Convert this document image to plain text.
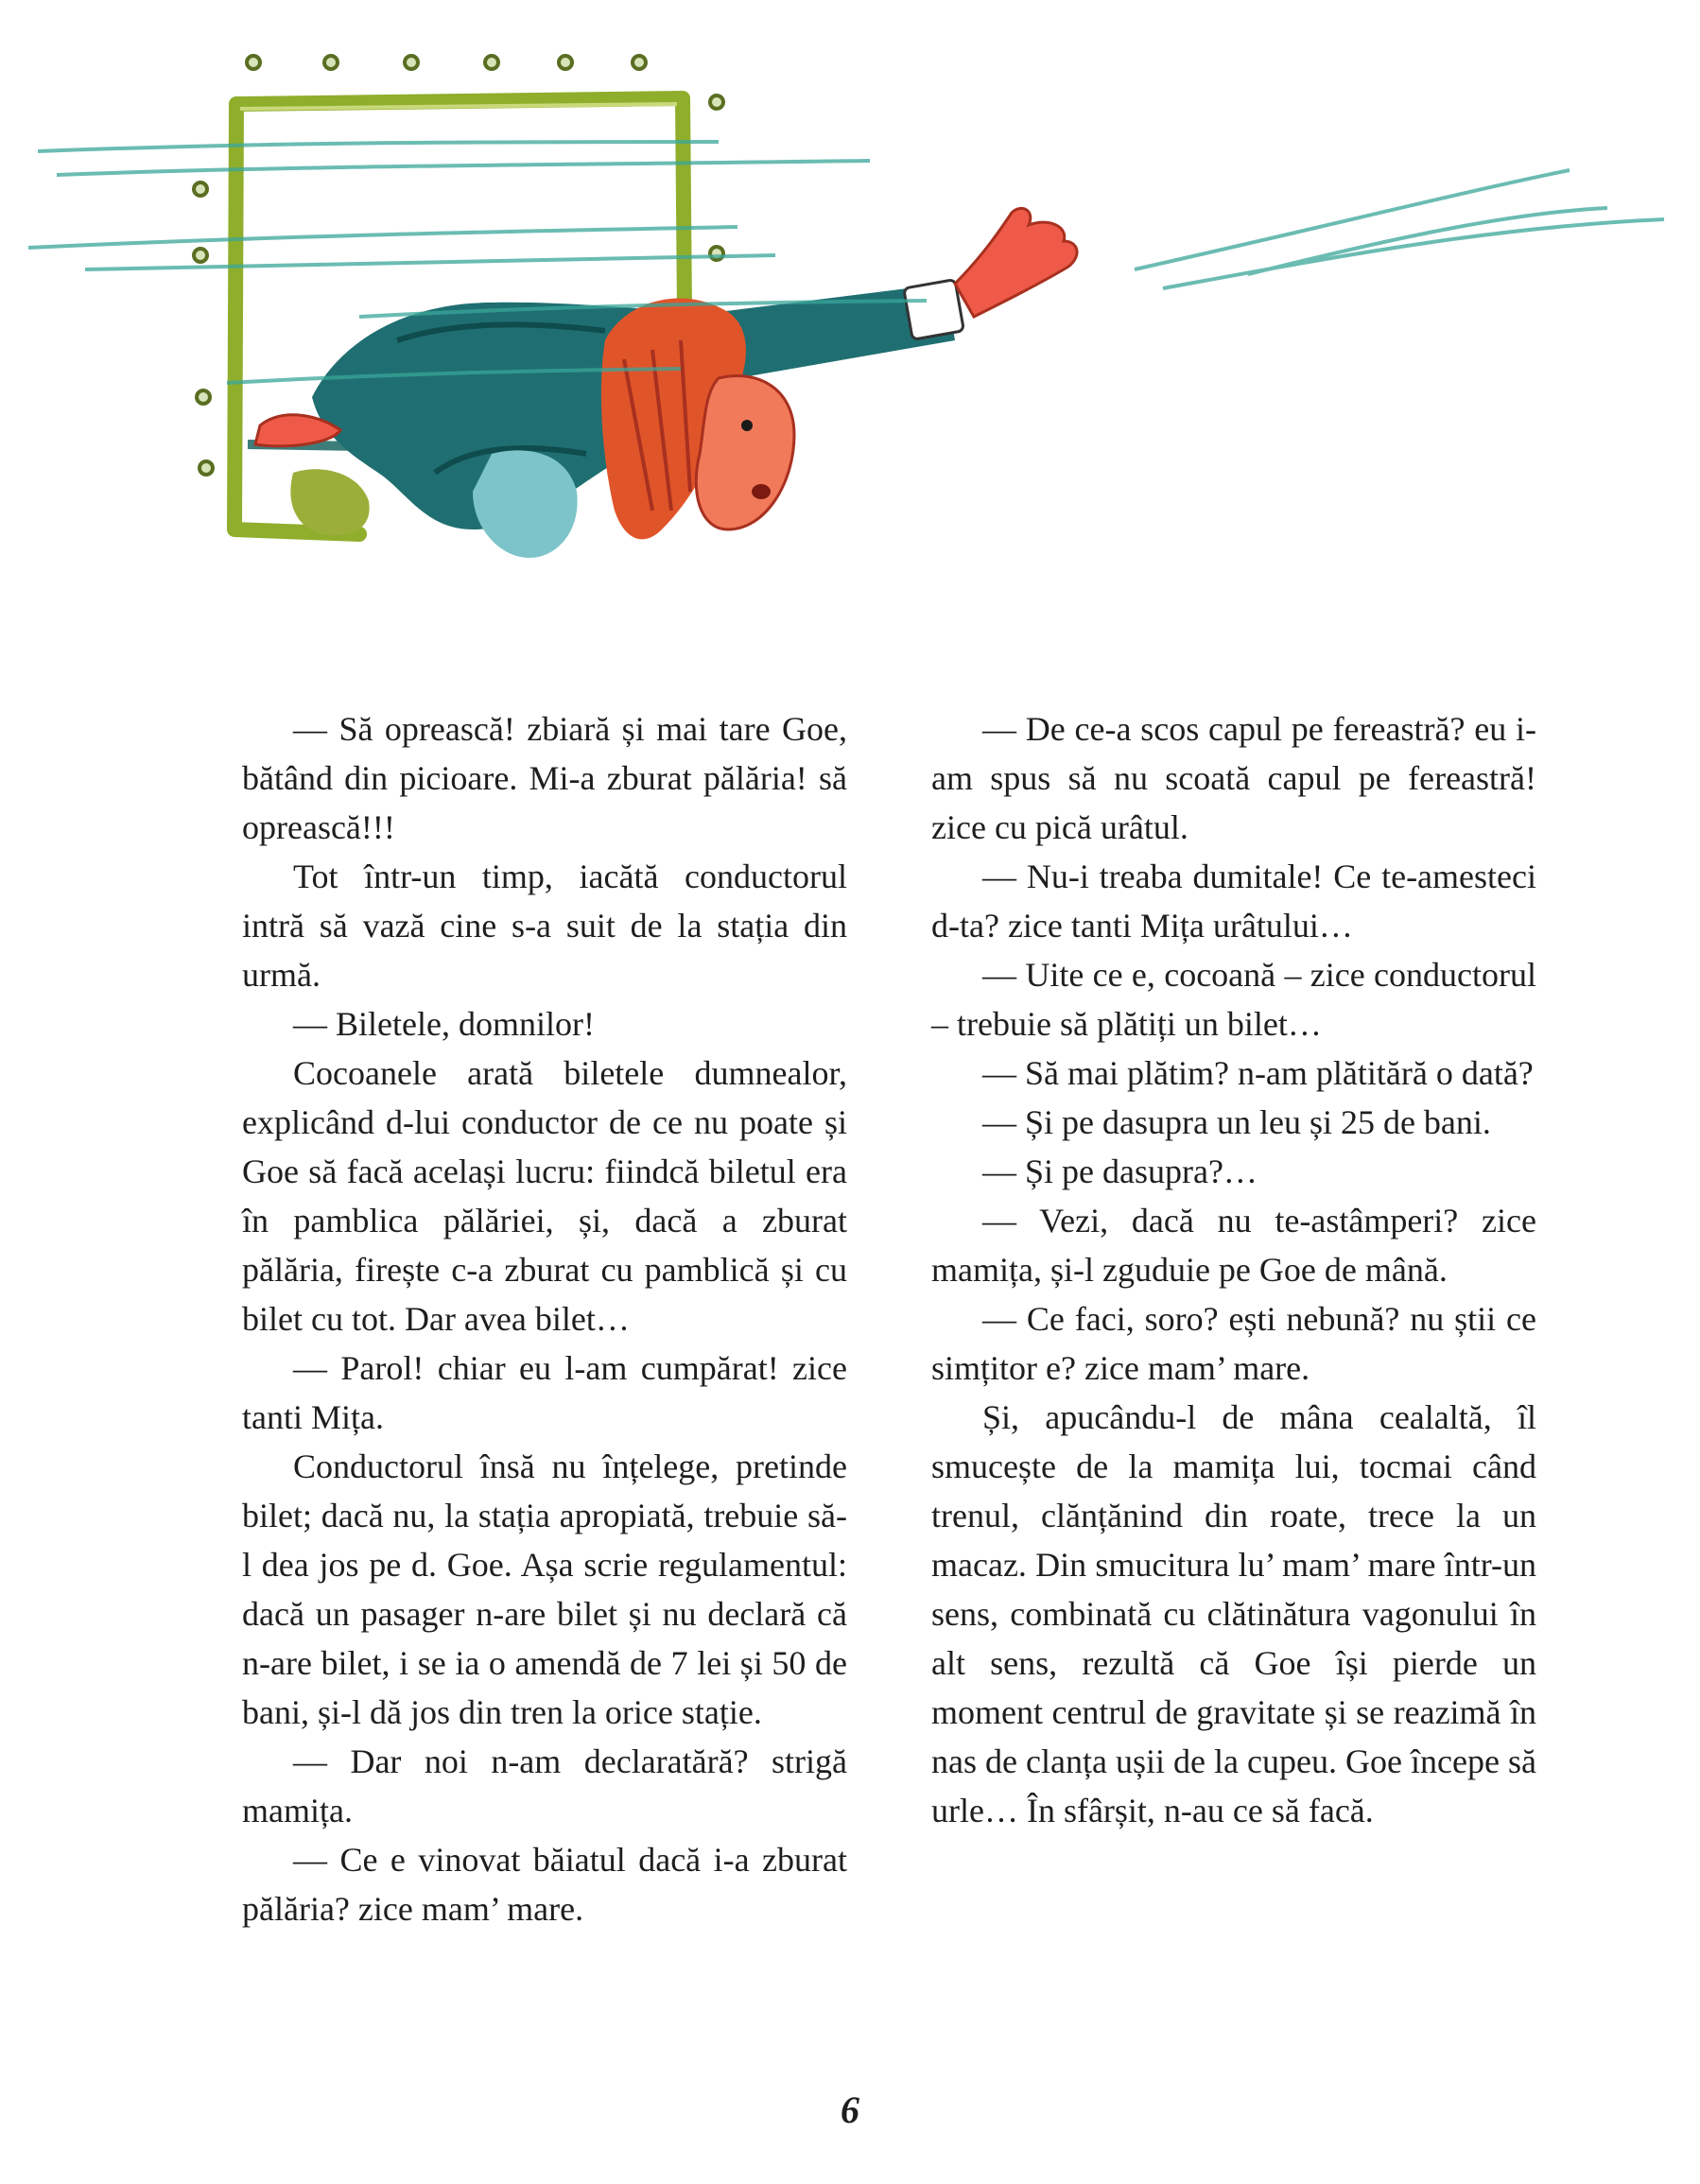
— Să oprească! zbiară și mai tare Goe, bătând din picioare. Mi-a zburat pălăria! să oprească!!!

Tot într-un timp, iacătă conductorul intră să vază cine s-a suit de la stația din urmă.

— Biletele, domnilor!

Cocoanele arată biletele dumnealor, explicând d-lui conductor de ce nu poate și Goe să facă același lucru: fiindcă biletul era în pamblica pălăriei, și, dacă a zburat pălăria, firește c-a zburat cu pamblică și cu bilet cu tot. Dar avea bilet…

— Parol! chiar eu l-am cumpărat! zice tanti Mița.

Conductorul însă nu înțelege, pretinde bilet; dacă nu, la stația apropiată, trebuie să-l dea jos pe d. Goe. Așa scrie regulamentul: dacă un pasager n-are bilet și nu declară că n-are bilet, i se ia o amendă de 7 lei și 50 de bani, și-l dă jos din tren la orice stație.

— Dar noi n-am declaratără? strigă mamița.

— Ce e vinovat băiatul dacă i-a zburat pălăria? zice mam’ mare.

— De ce-a scos capul pe fereastră? eu i-am spus să nu scoată capul pe fereastră! zice cu pică urâtul.

— Nu-i treaba dumitale! Ce te-amesteci d-ta? zice tanti Mița urâtului…

— Uite ce e, cocoană – zice conductorul – trebuie să plătiți un bilet…

— Să mai plătim? n-am plătitără o dată?

— Și pe dasupra un leu și 25 de bani.

— Și pe dasupra?…

— Vezi, dacă nu te-astâmperi? zice mamița, și-l zguduie pe Goe de mână.

— Ce faci, soro? ești nebună? nu știi ce simțitor e? zice mam’ mare.

Și, apucându-l de mâna cealaltă, îl smucește de la mamița lui, tocmai când trenul, clănțănind din roate, trece la un macaz. Din smucitura lu’ mam’ mare într-un sens, combinată cu clătinătura vagonului în alt sens, rezultă că Goe își pierde un moment centrul de gravitate și se reazimă în nas de clanța ușii de la cupeu. Goe începe să urle… În sfârșit, n-au ce să facă.

6
